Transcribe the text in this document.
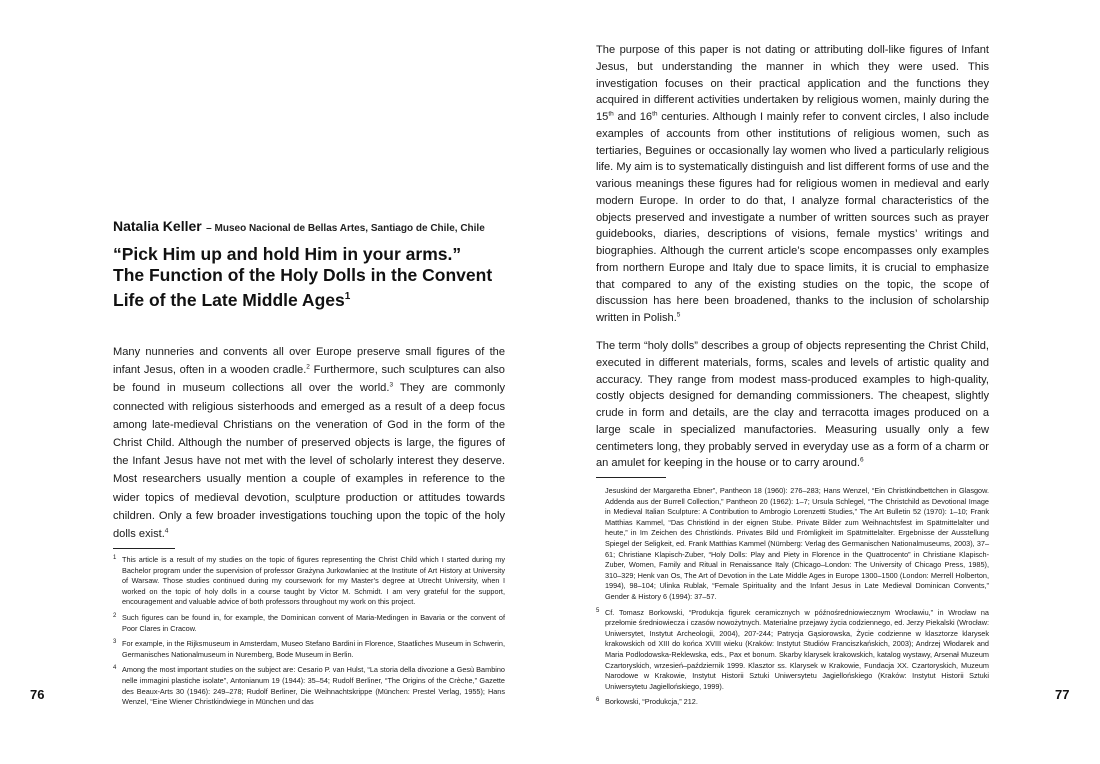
Natalia Keller – Museo Nacional de Bellas Artes, Santiago de Chile, Chile
“Pick Him up and hold Him in your arms.”
The Function of the Holy Dolls in the Convent
Life of the Late Middle Ages$^1$

Many nunneries and convents all over Europe preserve small figures of the infant Jesus, often in a wooden cradle.$^2$ Furthermore, such sculptures can also be found in museum collections all over the world.$^3$ They are commonly connected with religious sisterhoods and emerged as a result of a deep focus among late-medieval Christians on the veneration of God in the form of the Christ Child. Although the number of preserved objects is large, the figures of the Infant Jesus have not met with the level of scholarly interest they deserve. Most researchers usually mention a couple of examples in reference to the wider topics of medieval devotion, sculpture production or attitudes towards children. Only a few broader investigations touching upon the topic of the holy dolls exist.$^4$

1 This article is a result of my studies on the topic of figures representing the Christ Child which I started during my Bachelor program under the supervision of professor Grażyna Jurkowlaniec at the Institute of Art History at University of Warsaw. Those studies continued during my coursework for my Master’s degree at Utrecht University, when I worked on the topic of holy dolls in a course taught by Victor M. Schmidt. I am very grateful for the support, encouragement and valuable advice of both professors throughout my work on this project.
2 Such figures can be found in, for example, the Dominican convent of Maria-Medingen in Bavaria or the convent of Poor Clares in Cracow.
3 For example, in the Rijksmuseum in Amsterdam, Museo Stefano Bardini in Florence, Staatliches Museum in Schwerin, Germanisches Nationalmuseum in Nuremberg, Bode Museum in Berlin.
4 Among the most important studies on the subject are: Cesario P. van Hulst, “La storia della divozione a Gesù Bambino nelle immagini plastiche isolate”, Antonianum 19 (1944): 35–54; Rudolf Berliner, “The Origins of the Crèche,” Gazette des Beaux-Arts 30 (1946): 249–278; Rudolf Berliner, Die Weihnachtskrippe (München: Prestel Verlag, 1955); Hans Wenzel, “Eine Wiener Christkindwiege in München und das
76

The purpose of this paper is not dating or attributing doll-like figures of Infant Jesus, but understanding the manner in which they were used. This investigation focuses on their practical application and the functions they acquired in different activities undertaken by religious women, mainly during the 15th and 16th centuries. Although I mainly refer to convent circles, I also include examples of accounts from other institutions of religious women, such as tertiaries, Beguines or occasionally lay women who lived a particularly religious life. My aim is to systematically distinguish and list different forms of use and the various meanings these figures had for religious women in medieval and early modern Europe. In order to do that, I analyze formal characteristics of the objects preserved and investigate a number of written sources such as prayer guidebooks, diaries, descriptions of visions, female mystics’ writings and biographies. Although the current article’s scope encompasses only examples from northern Europe and Italy due to space limits, it is crucial to emphasize that compared to any of the existing studies on the topic, the scope of discussion has here been broadened, thanks to the inclusion of scholarship written in Polish.$^5$

The term “holy dolls” describes a group of objects representing the Christ Child, executed in different materials, forms, scales and levels of artistic quality and accuracy. They range from modest mass-produced examples to high-quality, costly objects designed for demanding commissioners. The cheapest, slightly crude in form and details, are the clay and terracotta images produced on a large scale in specialized manufactories. Measuring usually only a few centimeters long, they probably served in everyday use as a form of a charm or an amulet for keeping in the house or to carry around.$^6$

Jesuskind der Margaretha Ebner”, Pantheon 18 (1960): 276–283; Hans Wenzel, “Ein Christkindbettchen in Glasgow. Addenda aus der Burrell Collection,” Pantheon 20 (1962): 1–7; Ursula Schlegel, “The Christchild as Devotional Image in Medieval Italian Sculpture: A Contribution to Ambrogio Lorenzetti Studies,” The Art Bulletin 52 (1970): 1–10; Frank Matthias Kammel, “Das Christkind in der eignen Stube. Private Bilder zum Weihnachtsfest im Spätmittelalter und heute,” in Im Zeichen des Christkinds. Privates Bild und Frömligkeit im Spätmittelalter. Ergebnisse der Ausstellung Spiegel der Seligkeit, ed. Frank Matthias Kammel (Nürnberg: Verlag des Germanischen Nationalmuseums, 2003), 37–61; Christiane Klapisch-Zuber, “Holy Dolls: Play and Piety in Florence in the Quattrocento” in Christiane Klapisch-Zuber, Women, Family and Ritual in Renaissance Italy (Chicago–London: The University of Chicago Press, 1985), 310–329; Henk van Os, The Art of Devotion in the Late Middle Ages in Europe 1300–1500 (London: Merrell Holberton, 1994), 98–104; Ulinka Rublak, “Female Spirituality and the Infant Jesus in Late Medieval Dominican Convents,” Gender & History 6 (1994): 37–57.
5 Cf. Tomasz Borkowski, “Produkcja figurek ceramicznych w późnośredniowiecznym Wrocławiu,” in Wrocław na przełomie średniowiecza i czasów nowożytnych. Materialne przejawy życia codziennego, ed. Jerzy Piekalski (Wrocław: Uniwersytet, Instytut Archeologii, 2004), 207-244; Patrycja Gąsiorowska, Życie codzienne w klasztorze klarysek krakowskich od XIII do końca XVIII wieku (Kraków: Instytut Studiów Franciszkańskich, 2003); Andrzej Włodarek and Maria Podlodowska-Reklewska, eds., Pax et bonum. Skarby klarysek krakowskich, katalog wystawy, Arsenał Muzeum Czartoryskich, wrzesień–październik 1999. Klasztor ss. Klarysek w Krakowie, Fundacja XX. Czartoryskich, Muzeum Narodowe w Krakowie, Instytut Historii Sztuki Uniwersytetu Jagiellońskiego (Kraków: Instytut Historii Sztuki Uniwersytetu Jagiellońskiego, 1999).
6 Borkowski, “Produkcja,” 212.	77
